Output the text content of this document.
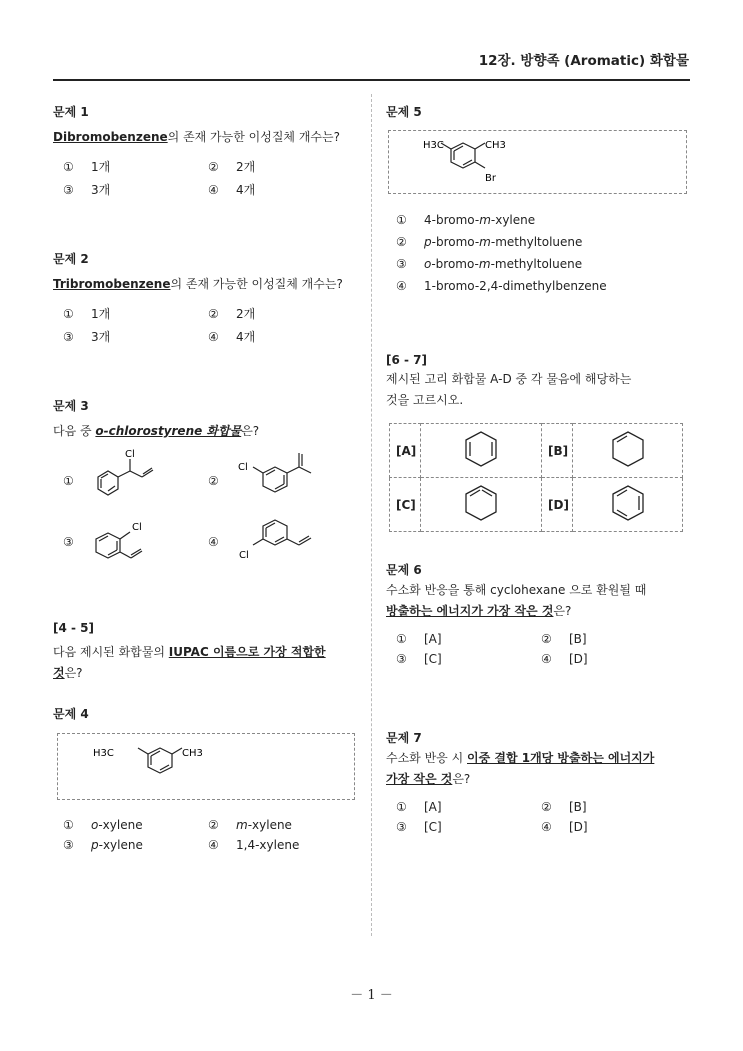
12장. 방향족 (Aromatic) 화합물
문제 1
Dibromobenzene의 존재 가능한 이성질체 개수는?
① 1개	② 2개
③ 3개	④ 4개
문제 2
Tribromobenzene의 존재 가능한 이성질체 개수는?
① 1개	② 2개
③ 3개	④ 4개
문제 3
다음 중 o-chlorostyrene 화합물은?
①
Cl
②
Cl
③
Cl
④
Cl
[4 - 5]
다음 제시된 화합물의 IUPAC 이름으로 가장 적합한
것은?
문제 4
H3C	CH3
① o-xylene	② m-xylene
③ p-xylene	④ 1,4-xylene
문제 5
H3C	CH3
Br
① 4-bromo-m-xylene
② p-bromo-m-methyltoluene
③ o-bromo-m-methyltoluene
④ 1-bromo-2,4-dimethylbenzene
[6 - 7]
제시된 고리 화합물 A-D 중 각 물음에 해당하는
것을 고르시오.
[A]		[B]	
[C]		[D]	
문제 6
수소화 반응을 통해 cyclohexane 으로 환원될 때
방출하는 에너지가 가장 작은 것은?
① [A]	② [B]
③ [C]	④ [D]
문제 7
수소화 반응 시 이중 결합 1개당 방출하는 에너지가
가장 작은 것은?
① [A]	② [B]
③ [C]	④ [D]
－ 1 －
